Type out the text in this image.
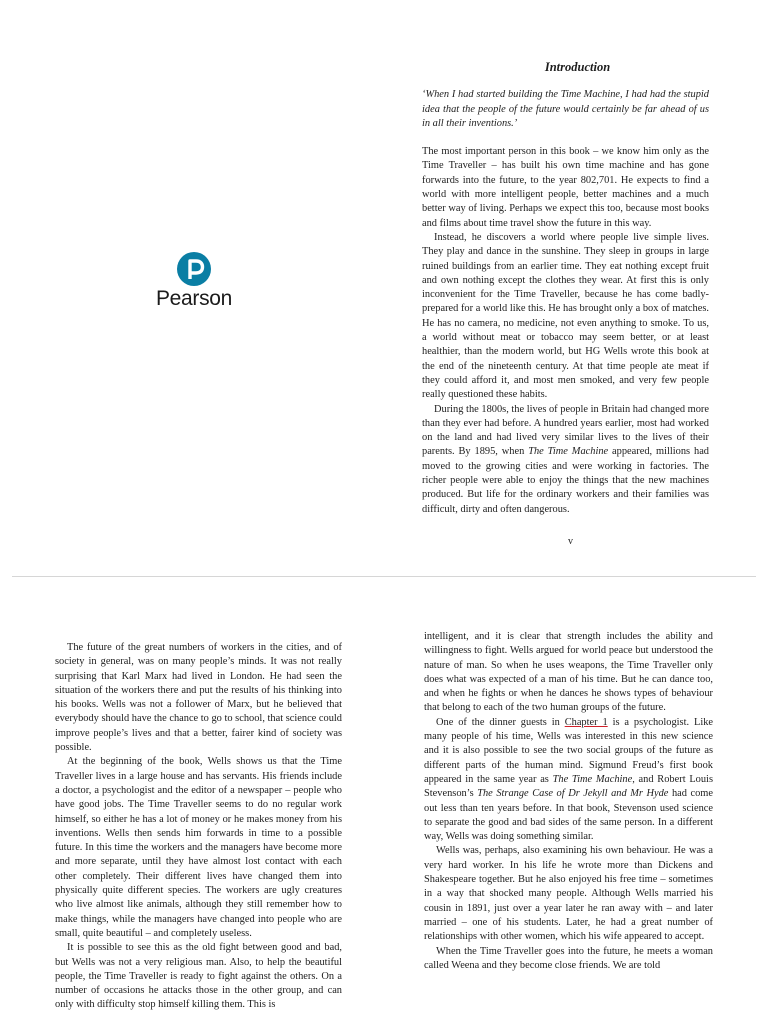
Pearson
Introduction
‘When I had started building the Time Machine, I had had the stupid idea that the people of the future would certainly be far ahead of us in all their inventions.’

The most important person in this book – we know him only as the Time Traveller – has built his own time machine and has gone forwards into the future, to the year 802,701. He expects to find a world with more intelligent people, better machines and a much better way of living. Perhaps we expect this too, because most books and films about time travel show the future in this way.

Instead, he discovers a world where people live simple lives. They play and dance in the sunshine. They sleep in groups in large ruined buildings from an earlier time. They eat nothing except fruit and own nothing except the clothes they wear. At first this is only inconvenient for the Time Traveller, because he has come badly-prepared for a world like this. He has brought only a box of matches. He has no camera, no medicine, not even anything to smoke. To us, a world without meat or tobacco may seem better, or at least healthier, than the modern world, but HG Wells wrote this book at the end of the nineteenth century. At that time people ate meat if they could afford it, and most men smoked, and very few people really questioned these habits.

During the 1800s, the lives of people in Britain had changed more than they ever had before. A hundred years earlier, most had worked on the land and had lived very similar lives to the lives of their parents. By 1895, when The Time Machine appeared, millions had moved to the growing cities and were working in factories. The richer people were able to enjoy the things that the new machines produced. But life for the ordinary workers and their families was difficult, dirty and often dangerous.

v

The future of the great numbers of workers in the cities, and of society in general, was on many people’s minds. It was not really surprising that Karl Marx had lived in London. He had seen the situation of the workers there and put the results of his thinking into his books. Wells was not a follower of Marx, but he believed that everybody should have the chance to go to school, that science could improve people’s lives and that a better, fairer kind of society was possible.

At the beginning of the book, Wells shows us that the Time Traveller lives in a large house and has servants. His friends include a doctor, a psychologist and the editor of a newspaper – people who have good jobs. The Time Traveller seems to do no regular work himself, so either he has a lot of money or he makes money from his inventions. Wells then sends him forwards in time to a possible future. In this time the workers and the managers have become more and more separate, until they have almost lost contact with each other completely. Their different lives have changed them into physically quite different species. The workers are ugly creatures who live almost like animals, although they still remember how to make things, while the managers have changed into people who are small, quite beautiful – and completely useless.

It is possible to see this as the old fight between good and bad, but Wells was not a very religious man. Also, to help the beautiful people, the Time Traveller is ready to fight against the others. On a number of occasions he attacks those in the other group, and can only with difficulty stop himself killing them. This is

intelligent, and it is clear that strength includes the ability and willingness to fight. Wells argued for world peace but understood the nature of man. So when he uses weapons, the Time Traveller only does what was expected of a man of his time. But he can dance too, and when he fights or when he dances he shows types of behaviour that belong to each of the two human groups of the future.

One of the dinner guests in Chapter 1 is a psychologist. Like many people of his time, Wells was interested in this new science and it is also possible to see the two social groups of the future as different parts of the human mind. Sigmund Freud’s first book appeared in the same year as The Time Machine, and Robert Louis Stevenson’s The Strange Case of Dr Jekyll and Mr Hyde had come out less than ten years before. In that book, Stevenson used science to separate the good and bad sides of the same person. In a different way, Wells was doing something similar.

Wells was, perhaps, also examining his own behaviour. He was a very hard worker. In his life he wrote more than Dickens and Shakespeare together. But he also enjoyed his free time – sometimes in a way that shocked many people. Although Wells married his cousin in 1891, just over a year later he ran away with – and later married – one of his students. Later, he had a great number of relationships with other women, which his wife appeared to accept.

When the Time Traveller goes into the future, he meets a woman called Weena and they become close friends. We are told
